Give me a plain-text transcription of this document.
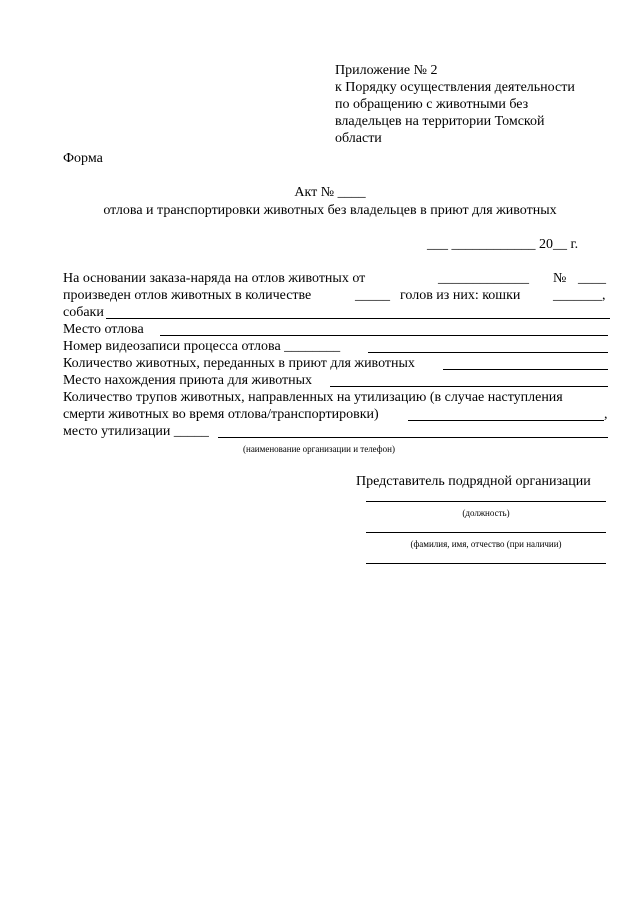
Приложение № 2
к Порядку осуществления деятельности
по обращению с животными без
владельцев на территории Томской
области
Форма
Акт № ____
отлова и транспортировки животных без владельцев в приют для животных
___ ____________ 20__ г.
На основании заказа-наряда на отлов животных от	_____________ № ____
произведен отлов животных в количестве	_____ голов из них: кошки _______,
собаки
Место отлова
Номер видеозаписи процесса отлова ________
Количество животных, переданных в приют для животных
Место нахождения приюта для животных
Количество трупов животных, направленных на утилизацию (в случае наступления
смерти животных во время отлова/транспортировки)	,
место утилизации _____
(наименование организации и телефон)
Представитель подрядной организации
(должность)
(фамилия, имя, отчество (при наличии)
